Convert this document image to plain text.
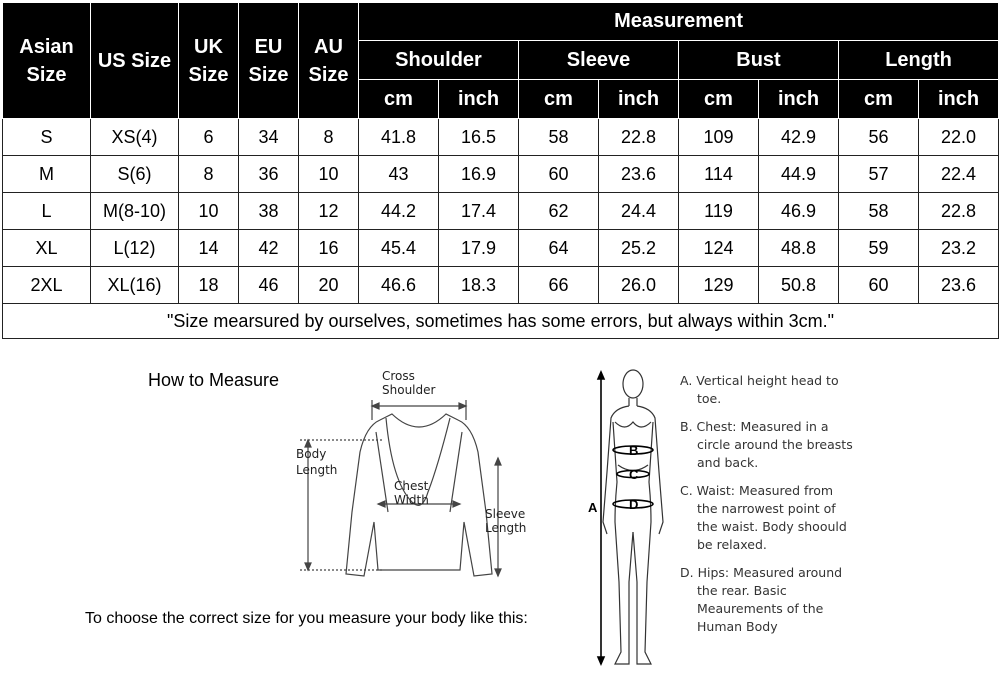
Asian Size	US Size	UK Size	EU Size	AU Size	Measurement							
					Shoulder		Sleeve		Bust		Length	
					cm	inch	cm	inch	cm	inch	cm	inch
S	XS(4)	6	34	8	41.8	16.5	58	22.8	109	42.9	56	22.0
M	S(6)	8	36	10	43	16.9	60	23.6	114	44.9	57	22.4
L	M(8-10)	10	38	12	44.2	17.4	62	24.4	119	46.9	58	22.8
XL	L(12)	14	42	16	45.4	17.9	64	25.2	124	48.8	59	23.2
2XL	XL(16)	18	46	20	46.6	18.3	66	26.0	129	50.8	60	23.6
"Size mearsured by ourselves, sometimes has some errors, but always within 3cm."												
How to Measure	Cross
Shoulder
Body
Length
Chest
Width
Sleeve
Length
To choose the correct size for you measure your body like this:
B
C
D
A

A. Vertical height head to toe.

B. Chest: Measured in a circle around the breasts and back.

C. Waist: Measured from the narrowest point of the waist. Body shoould be relaxed.

D. Hips: Measured around the rear. Basic Meaurements of the Human Body
